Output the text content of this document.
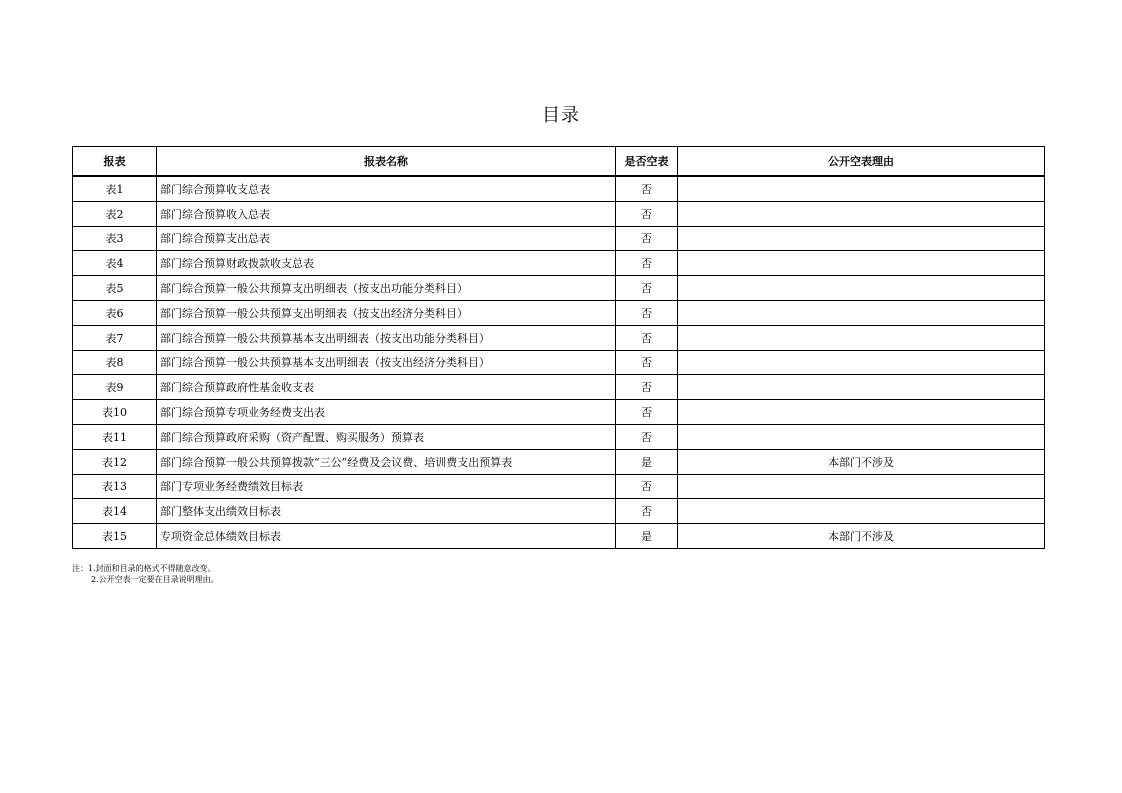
目录
报表	报表名称	是否空表	公开空表理由
表1	部门综合预算收支总表	否	
表2	部门综合预算收入总表	否	
表3	部门综合预算支出总表	否	
表4	部门综合预算财政拨款收支总表	否	
表5	部门综合预算一般公共预算支出明细表（按支出功能分类科目）	否	
表6	部门综合预算一般公共预算支出明细表（按支出经济分类科目）	否	
表7	部门综合预算一般公共预算基本支出明细表（按支出功能分类科目）	否	
表8	部门综合预算一般公共预算基本支出明细表（按支出经济分类科目）	否	
表9	部门综合预算政府性基金收支表	否	
表10	部门综合预算专项业务经费支出表	否	
表11	部门综合预算政府采购（资产配置、购买服务）预算表	否	
表12	部门综合预算一般公共预算拨款“三公”经费及会议费、培训费支出预算表	是	本部门不涉及
表13	部门专项业务经费绩效目标表	否	
表14	部门整体支出绩效目标表	否	
表15	专项资金总体绩效目标表	是	本部门不涉及
注：1.封面和目录的格式不得随意改变。
2.公开空表一定要在目录说明理由。
